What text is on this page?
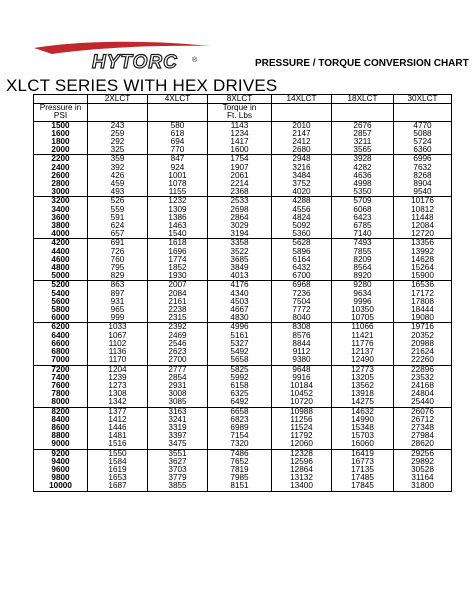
HYTORC ®	PRESSURE / TORQUE CONVERSION CHART
XLCT SERIES WITH HEX DRIVES
	2XLCT	4XLCT	8XLCT	14XLCT	18XLCT	30XLCT
Pressure in			Torque in			
PSI			Ft. Lbs			
1500	243	580	1143	2010	2676	4770
1600	259	618	1234	2147	2857	5088
1800	292	694	1417	2412	3211	5724
2000	325	770	1600	2680	3565	6360
2200	359	847	1754	2948	3928	6996
2400	392	924	1907	3216	4282	7632
2600	426	1001	2061	3484	4636	8268
2800	459	1078	2214	3752	4998	8904
3000	493	1155	2368	4020	5350	9540
3200	526	1232	2533	4288	5709	10176
3400	559	1309	2698	4556	6068	10812
3600	591	1386	2864	4824	6423	11448
3800	624	1463	3029	5092	6785	12084
4000	657	1540	3194	5360	7140	12720
4200	691	1618	3358	5628	7493	13356
4400	726	1696	3522	5896	7855	13992
4600	760	1774	3685	6164	8209	14628
4800	795	1852	3849	6432	8564	15264
5000	829	1930	4013	6700	8920	15900
5200	863	2007	4176	6968	9280	16536
5400	897	2084	4340	7236	9634	17172
5600	931	2161	4503	7504	9996	17808
5800	965	2238	4667	7772	10350	18444
6000	999	2315	4830	8040	10705	19080
6200	1033	2392	4996	8308	11066	19716
6400	1067	2469	5161	8576	11421	20352
6600	1102	2546	5327	8844	11776	20988
6800	1136	2623	5492	9112	12137	21624
7000	1170	2700	5658	9380	12490	22260
7200	1204	2777	5825	9648	12773	22896
7400	1239	2854	5992	9916	13205	23532
7600	1273	2931	6158	10184	13562	24168
7800	1308	3008	6325	10452	13918	24804
8000	1342	3085	6492	10720	14275	25440
8200	1377	3163	6658	10988	14632	26076
8400	1412	3241	6823	11256	14990	26712
8600	1446	3319	6989	11524	15348	27348
8800	1481	3397	7154	11792	15703	27984
9000	1516	3475	7320	12060	16060	28620
9200	1550	3551	7486	12328	16419	29256
9400	1584	3627	7652	12596	16773	29892
9600	1619	3703	7819	12864	17135	30528
9800	1653	3779	7985	13132	17485	31164
10000	1687	3855	8151	13400	17845	31800
